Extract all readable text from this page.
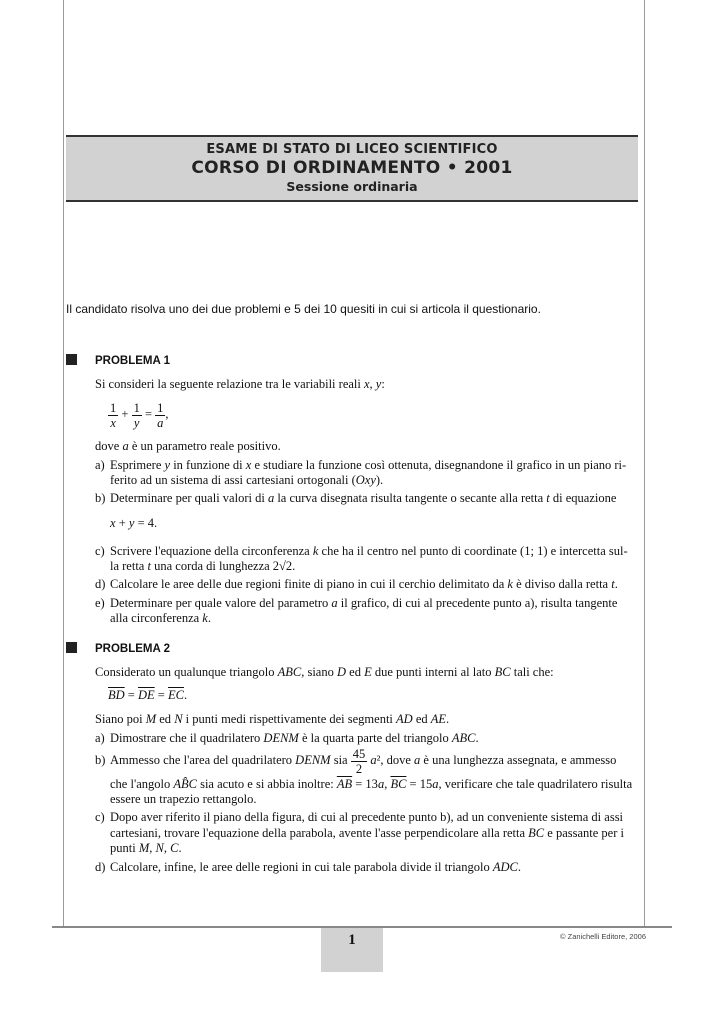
ESAME DI STATO DI LICEO SCIENTIFICO
CORSO DI ORDINAMENTO • 2001
Sessione ordinaria
Il candidato risolva uno dei due problemi e 5 dei 10 quesiti in cui si articola il questionario.
PROBLEMA 1
Si consideri la seguente relazione tra le variabili reali x, y:
$\frac{1}{x} + \frac{1}{y} = \frac{1}{a}$ ,
dove a è un parametro reale positivo.
a) Esprimere y in funzione di x e studiare la funzione così ottenuta, disegnandone il grafico in un piano ri-
ferito ad un sistema di assi cartesiani ortogonali (Oxy).
b) Determinare per quali valori di a la curva disegnata risulta tangente o secante alla retta t di equazione
x + y = 4.
c) Scrivere l'equazione della circonferenza k che ha il centro nel punto di coordinate (1; 1) e intercetta sul-
la retta t una corda di lunghezza 2√2.
d) Calcolare le aree delle due regioni finite di piano in cui il cerchio delimitato da k è diviso dalla retta t.
e) Determinare per quale valore del parametro a il grafico, di cui al precedente punto a), risulta tangente
alla circonferenza k.
PROBLEMA 2
Considerato un qualunque triangolo ABC, siano D ed E due punti interni al lato BC tali che:
$\overline{BD} = \overline{DE} = \overline{EC}$.
Siano poi M ed N i punti medi rispettivamente dei segmenti AD ed AE.
a) Dimostrare che il quadrilatero DENM è la quarta parte del triangolo ABC.
b) Ammesso che l'area del quadrilatero DENM sia $\frac{45}{2} a^2$, dove a è una lunghezza assegnata, e ammesso
che l'angolo AB̂C sia acuto e si abbia inoltre: $\overline{AB} = 13a$, $\overline{BC} = 15a$, verificare che tale quadrilatero risulta
essere un trapezio rettangolo.
c) Dopo aver riferito il piano della figura, di cui al precedente punto b), ad un conveniente sistema di assi
cartesiani, trovare l'equazione della parabola, avente l'asse perpendicolare alla retta BC e passante per i
punti M, N, C.
d) Calcolare, infine, le aree delle regioni in cui tale parabola divide il triangolo ADC.
1	© Zanichelli Editore, 2006
